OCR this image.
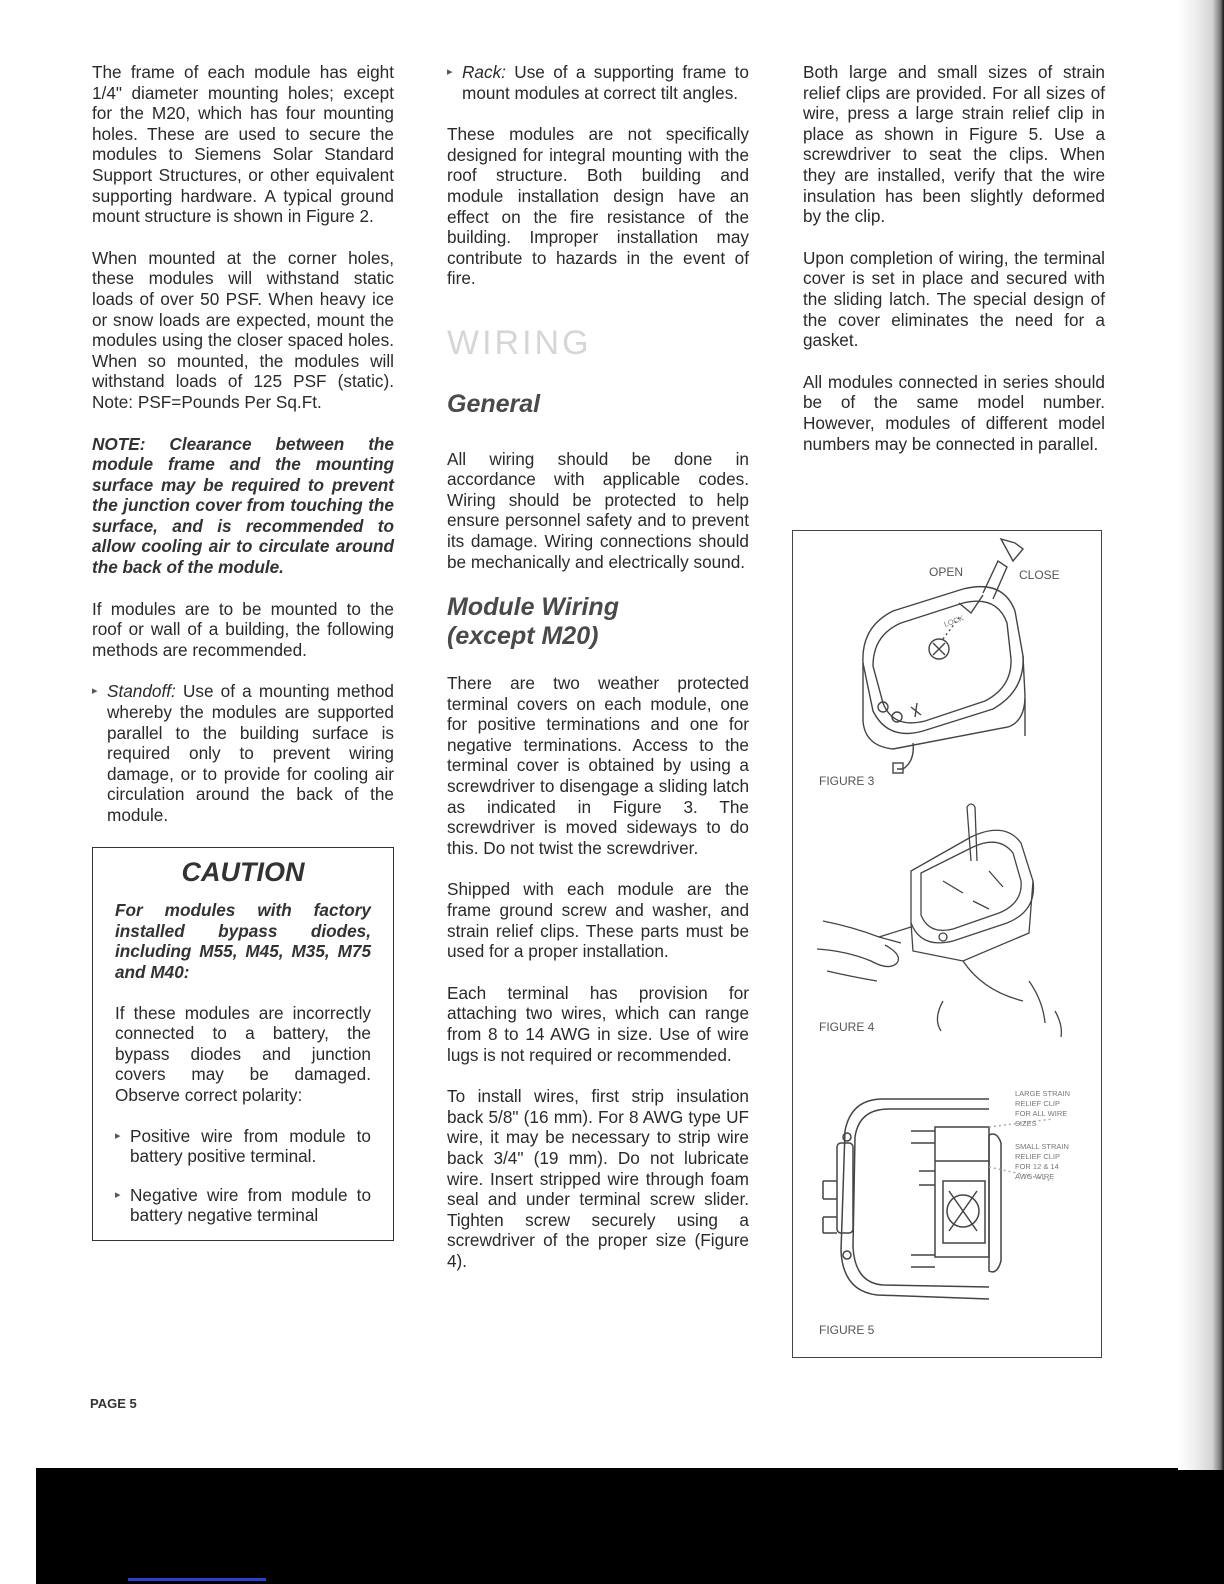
The frame of each module has eight 1/4" diameter mounting holes; except for the M20, which has four mounting holes. These are used to secure the modules to Siemens Solar Standard Support Structures, or other equivalent supporting hardware. A typical ground mount structure is shown in Figure 2.

When mounted at the corner holes, these modules will withstand static loads of over 50 PSF. When heavy ice or snow loads are expected, mount the modules using the closer spaced holes. When so mounted, the modules will withstand loads of 125 PSF (static). Note: PSF=Pounds Per Sq.Ft.

NOTE: Clearance between the module frame and the mounting surface may be required to prevent the junction cover from touching the surface, and is recommended to allow cooling air to circulate around the back of the module.

If modules are to be mounted to the roof or wall of a building, the following methods are recommended.

▸ Standoff: Use of a mounting method whereby the modules are supported parallel to the building surface is required only to prevent wiring damage, or to provide for cooling air circulation around the back of the module.
CAUTION

For modules with factory installed bypass diodes, including M55, M45, M35, M75 and M40:

If these modules are incorrectly connected to a battery, the bypass diodes and junction covers may be damaged. Observe correct polarity:

▸ Positive wire from module to battery positive terminal.
▸ Negative wire from module to battery negative terminal
▸ Rack: Use of a supporting frame to mount modules at correct tilt angles.

These modules are not specifically designed for integral mounting with the roof structure. Both building and module installation design have an effect on the fire resistance of the building. Improper installation may contribute to hazards in the event of fire.

WIRING
General

All wiring should be done in accordance with applicable codes. Wiring should be protected to help ensure personnel safety and to prevent its damage. Wiring connections should be mechanically and electrically sound.

Module Wiring
(except M20)

There are two weather protected terminal covers on each module, one for positive terminations and one for negative terminations. Access to the terminal cover is obtained by using a screwdriver to disengage a sliding latch as indicated in Figure 3. The screwdriver is moved sideways to do this. Do not twist the screwdriver.

Shipped with each module are the frame ground screw and washer, and strain relief clips. These parts must be used for a proper installation.

Each terminal has provision for attaching two wires, which can range from 8 to 14 AWG in size. Use of wire lugs is not required or recommended.

To install wires, first strip insulation back 5/8" (16 mm). For 8 AWG type UF wire, it may be necessary to strip wire back 3/4" (19 mm). Do not lubricate wire. Insert stripped wire through foam seal and under terminal screw slider. Tighten screw securely using a screwdriver of the proper size (Figure 4).

Both large and small sizes of strain relief clips are provided. For all sizes of wire, press a large strain relief clip in place as shown in Figure 5. Use a screwdriver to seat the clips. When they are installed, verify that the wire insulation has been slightly deformed by the clip.

Upon completion of wiring, the terminal cover is set in place and secured with the sliding latch. The special design of the cover eliminates the need for a gasket.

All modules connected in series should be of the same model number. However, modules of different model numbers may be connected in parallel.

OPEN	CLOSE
LOCK
FIGURE 3
FIGURE 4
LARGE STRAIN
RELIEF CLIP
FOR ALL WIRE
SIZES
SMALL STRAIN
RELIEF CLIP
FOR 12 & 14
AWG WIRE
FIGURE 5
PAGE 5
